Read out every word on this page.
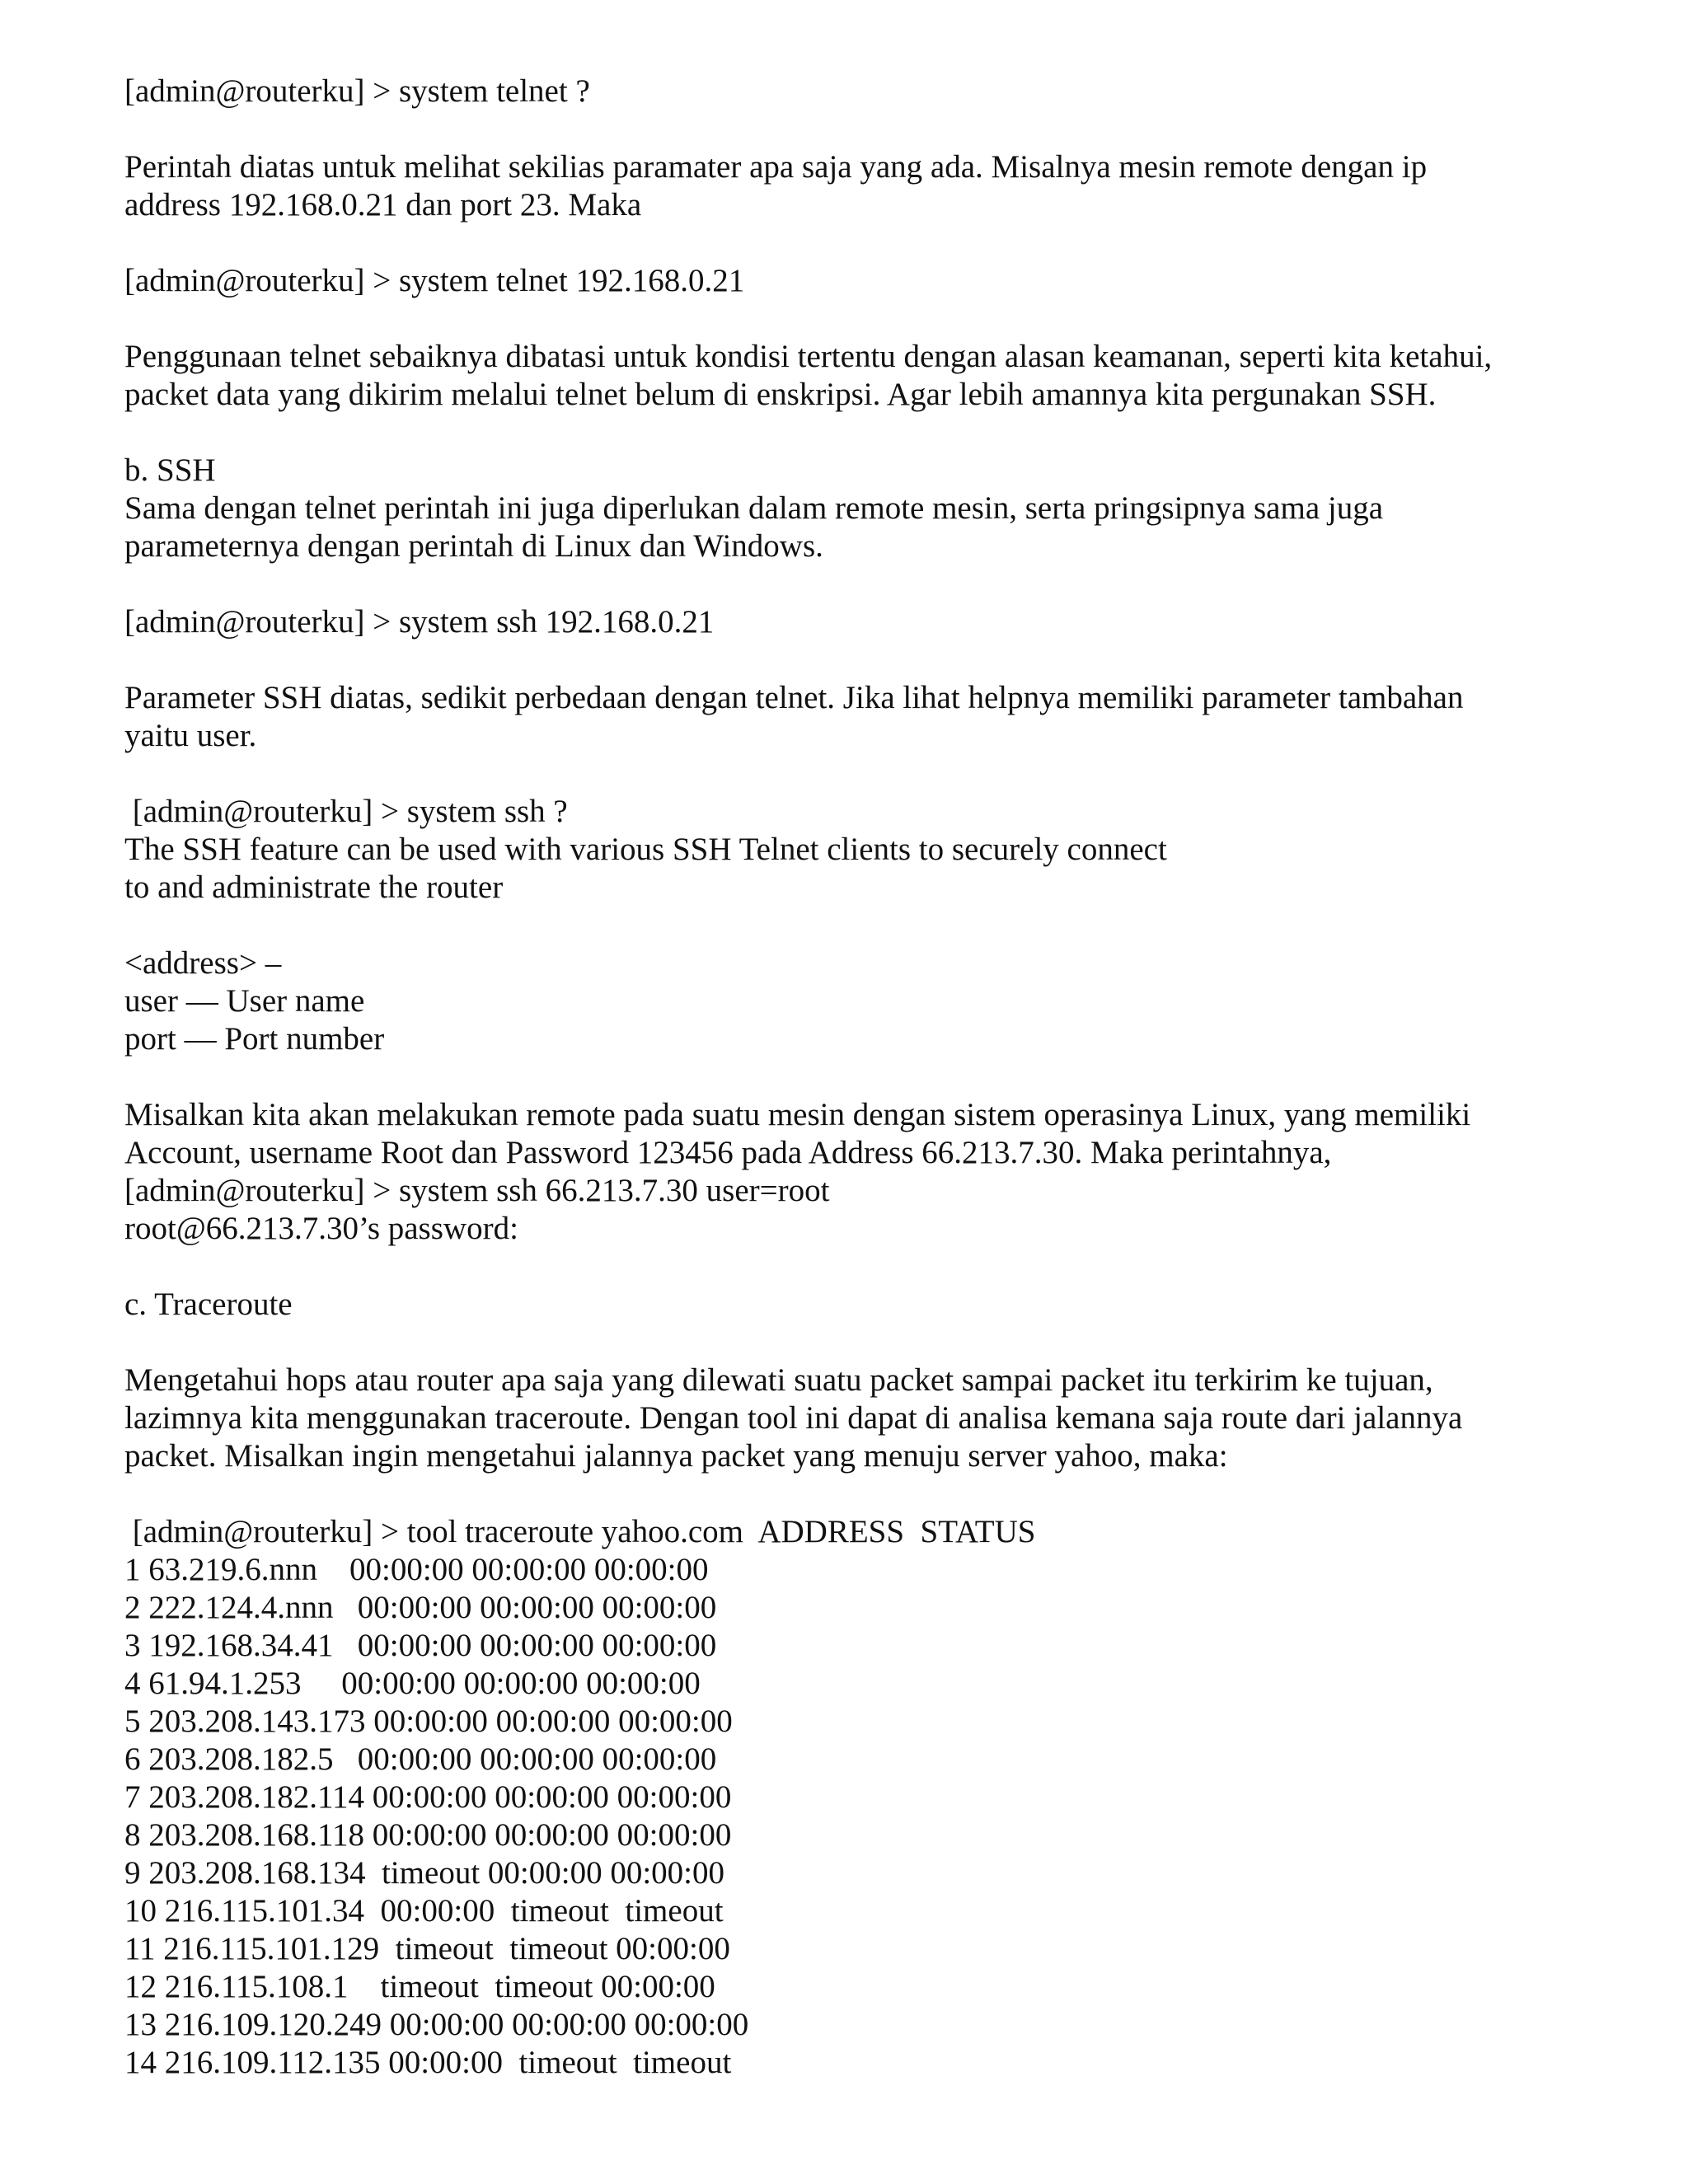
[admin@routerku] > system telnet ?
Perintah diatas untuk melihat sekilias paramater apa saja yang ada. Misalnya mesin remote dengan ip
address 192.168.0.21 dan port 23. Maka
[admin@routerku] > system telnet 192.168.0.21
Penggunaan telnet sebaiknya dibatasi untuk kondisi tertentu dengan alasan keamanan, seperti kita ketahui,
packet data yang dikirim melalui telnet belum di enskripsi. Agar lebih amannya kita pergunakan SSH.
b. SSH
Sama dengan telnet perintah ini juga diperlukan dalam remote mesin, serta pringsipnya sama juga
parameternya dengan perintah di Linux dan Windows.
[admin@routerku] > system ssh 192.168.0.21
Parameter SSH diatas, sedikit perbedaan dengan telnet. Jika lihat helpnya memiliki parameter tambahan
yaitu user.
[admin@routerku] > system ssh ?
The SSH feature can be used with various SSH Telnet clients to securely connect
to and administrate the router
<address> –
user — User name
port — Port number
Misalkan kita akan melakukan remote pada suatu mesin dengan sistem operasinya Linux, yang memiliki
Account, username Root dan Password 123456 pada Address 66.213.7.30. Maka perintahnya,
[admin@routerku] > system ssh 66.213.7.30 user=root
root@66.213.7.30’s password:
c. Traceroute
Mengetahui hops atau router apa saja yang dilewati suatu packet sampai packet itu terkirim ke tujuan,
lazimnya kita menggunakan traceroute. Dengan tool ini dapat di analisa kemana saja route dari jalannya
packet. Misalkan ingin mengetahui jalannya packet yang menuju server yahoo, maka:
[admin@routerku] > tool traceroute yahoo.com  ADDRESS  STATUS
1 63.219.6.nnn    00:00:00 00:00:00 00:00:00
2 222.124.4.nnn   00:00:00 00:00:00 00:00:00
3 192.168.34.41   00:00:00 00:00:00 00:00:00
4 61.94.1.253     00:00:00 00:00:00 00:00:00
5 203.208.143.173 00:00:00 00:00:00 00:00:00
6 203.208.182.5   00:00:00 00:00:00 00:00:00
7 203.208.182.114 00:00:00 00:00:00 00:00:00
8 203.208.168.118 00:00:00 00:00:00 00:00:00
9 203.208.168.134  timeout 00:00:00 00:00:00
10 216.115.101.34  00:00:00  timeout  timeout
11 216.115.101.129  timeout  timeout 00:00:00
12 216.115.108.1    timeout  timeout 00:00:00
13 216.109.120.249 00:00:00 00:00:00 00:00:00
14 216.109.112.135 00:00:00  timeout  timeout
